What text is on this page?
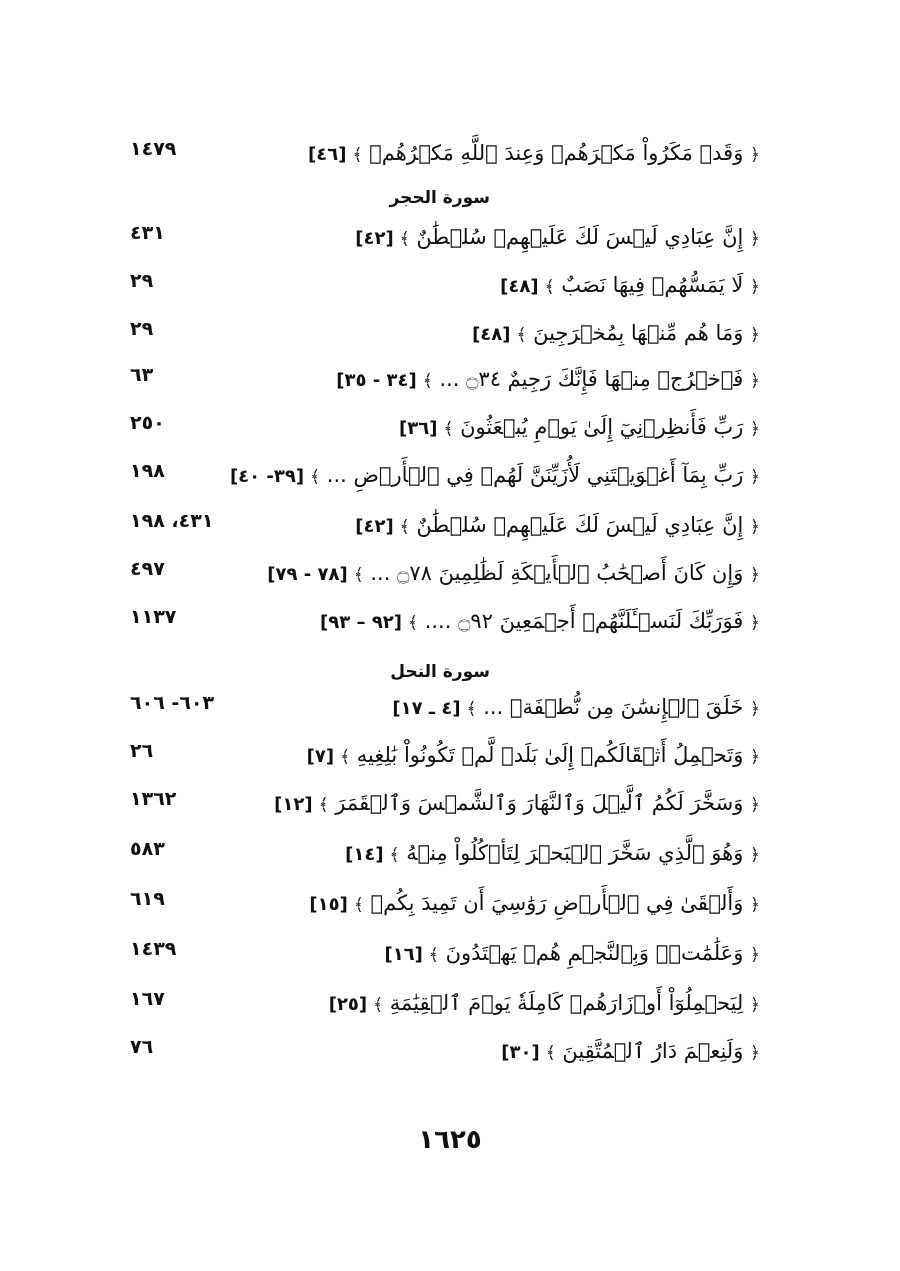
١٤٧٩	﴿ وَقَدۡ مَكَرُواْ مَكۡرَهُمۡ وَعِندَ ٱللَّهِ مَكۡرُهُمۡ ﴾[٤٦]
٤٣١	﴿ إِنَّ عِبَادِي لَيۡسَ لَكَ عَلَيۡهِمۡ سُلۡطَٰنٌ ﴾[٤٢]
٢٩	﴿ لَا يَمَسُّهُمۡ فِيهَا نَصَبٌ ﴾[٤٨]
٢٩	﴿ وَمَا هُم مِّنۡهَا بِمُخۡرَجِينَ ﴾[٤٨]
٦٣	﴿ فَٱخۡرُجۡ مِنۡهَا فَإِنَّكَ رَجِيمٌ ۝٣٤ ... ﴾[٣٤ - ٣٥]
٢٥٠	﴿ رَبِّ فَأَنظِرۡنِيٓ إِلَىٰ يَوۡمِ يُبۡعَثُونَ ﴾[٣٦]
١٩٨	﴿ رَبِّ بِمَآ أَغۡوَيۡتَنِي لَأُزَيِّنَنَّ لَهُمۡ فِي ٱلۡأَرۡضِ ... ﴾[٣٩- ٤٠]
٤٣١، ١٩٨	﴿ إِنَّ عِبَادِي لَيۡسَ لَكَ عَلَيۡهِمۡ سُلۡطَٰنٌ ﴾[٤٢]
٤٩٧	﴿ وَإِن كَانَ أَصۡحَٰبُ ٱلۡأَيۡكَةِ لَظَٰلِمِينَ ۝٧٨ ... ﴾[٧٨ - ٧٩]
١١٣٧	﴿ فَوَرَبِّكَ لَنَسۡـَٔلَنَّهُمۡ أَجۡمَعِينَ ۝٩٢ .... ﴾[٩٢ – ٩٣]
٦٠٣- ٦٠٦	﴿ خَلَقَ ٱلۡإِنسَٰنَ مِن نُّطۡفَةٖ ... ﴾[٤ ـ ١٧]
٢٦	﴿ وَتَحۡمِلُ أَثۡقَالَكُمۡ إِلَىٰ بَلَدٖ لَّمۡ تَكُونُواْ بَٰلِغِيهِ ﴾[٧]
١٣٦٢	﴿ وَسَخَّرَ لَكُمُ ٱلَّيۡلَ وَٱلنَّهَارَ وَٱلشَّمۡسَ وَٱلۡقَمَرَ ﴾[١٢]
٥٨٣	﴿ وَهُوَ ٱلَّذِي سَخَّرَ ٱلۡبَحۡرَ لِتَأۡكُلُواْ مِنۡهُ ﴾[١٤]
٦١٩	﴿ وَأَلۡقَىٰ فِي ٱلۡأَرۡضِ رَوَٰسِيَ أَن تَمِيدَ بِكُمۡ ﴾[١٥]
١٤٣٩	﴿ وَعَلَٰمَٰتٖۚ وَبِٱلنَّجۡمِ هُمۡ يَهۡتَدُونَ ﴾[١٦]
١٦٧	﴿ لِيَحۡمِلُوٓاْ أَوۡزَارَهُمۡ كَامِلَةٗ يَوۡمَ ٱلۡقِيَٰمَةِ ﴾[٢٥]
٧٦	﴿ وَلَنِعۡمَ دَارُ ٱلۡمُتَّقِينَ ﴾[٣٠]
سورة الحجر
سورة النحل
١٦٢٥
